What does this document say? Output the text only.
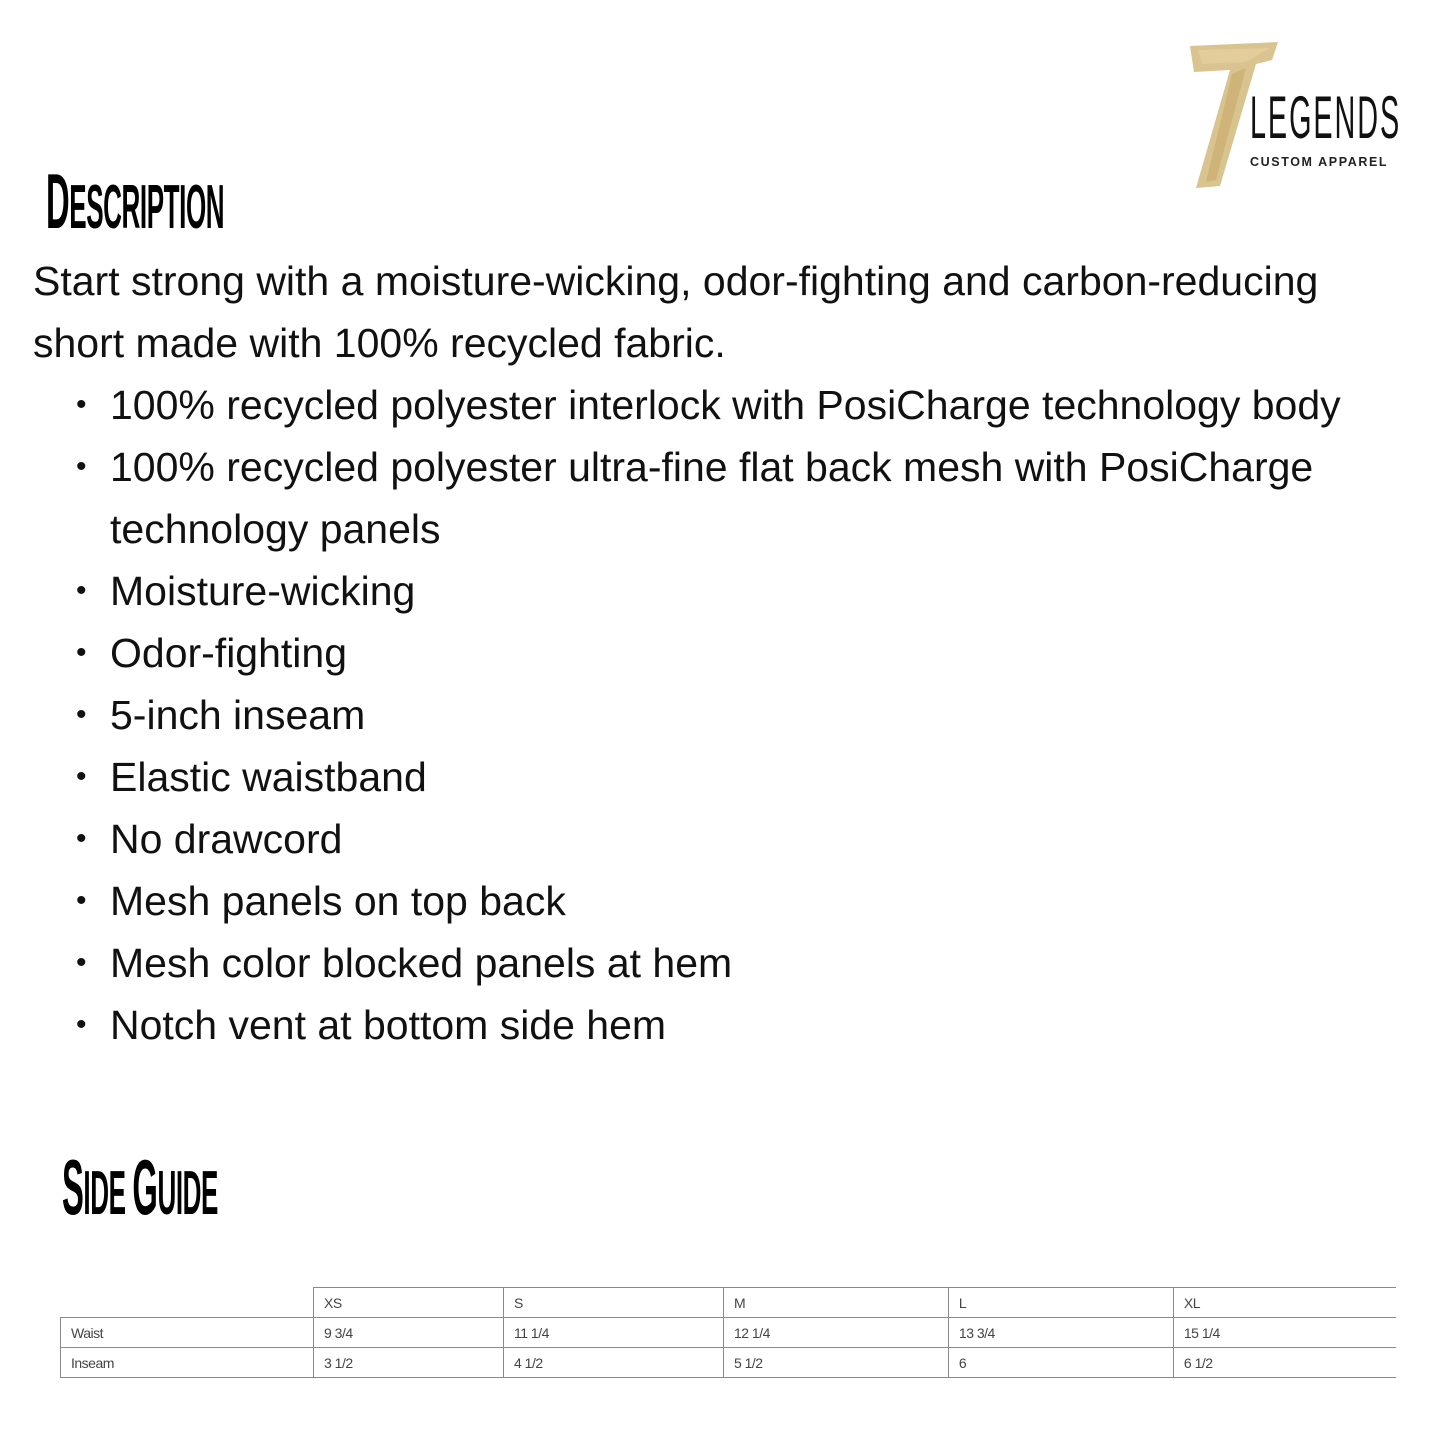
LEGENDS
CUSTOM APPAREL
DESCRIPTION

Start strong with a moisture-wicking, odor-fighting and carbon-reducing short made with 100% recycled fabric.

• 100% recycled polyester interlock with PosiCharge technology body
• 100% recycled polyester ultra-fine flat back mesh with PosiCharge technology panels
• Moisture-wicking
• Odor-fighting
• 5-inch inseam
• Elastic waistband
• No drawcord
• Mesh panels on top back
• Mesh color blocked panels at hem
• Notch vent at bottom side hem
SIDE GUIDE
	XS	S	M	L	XL
Waist	9 3/4	11 1/4	12 1/4	13 3/4	15 1/4
Inseam	3 1/2	4 1/2	5 1/2	6	6 1/2
